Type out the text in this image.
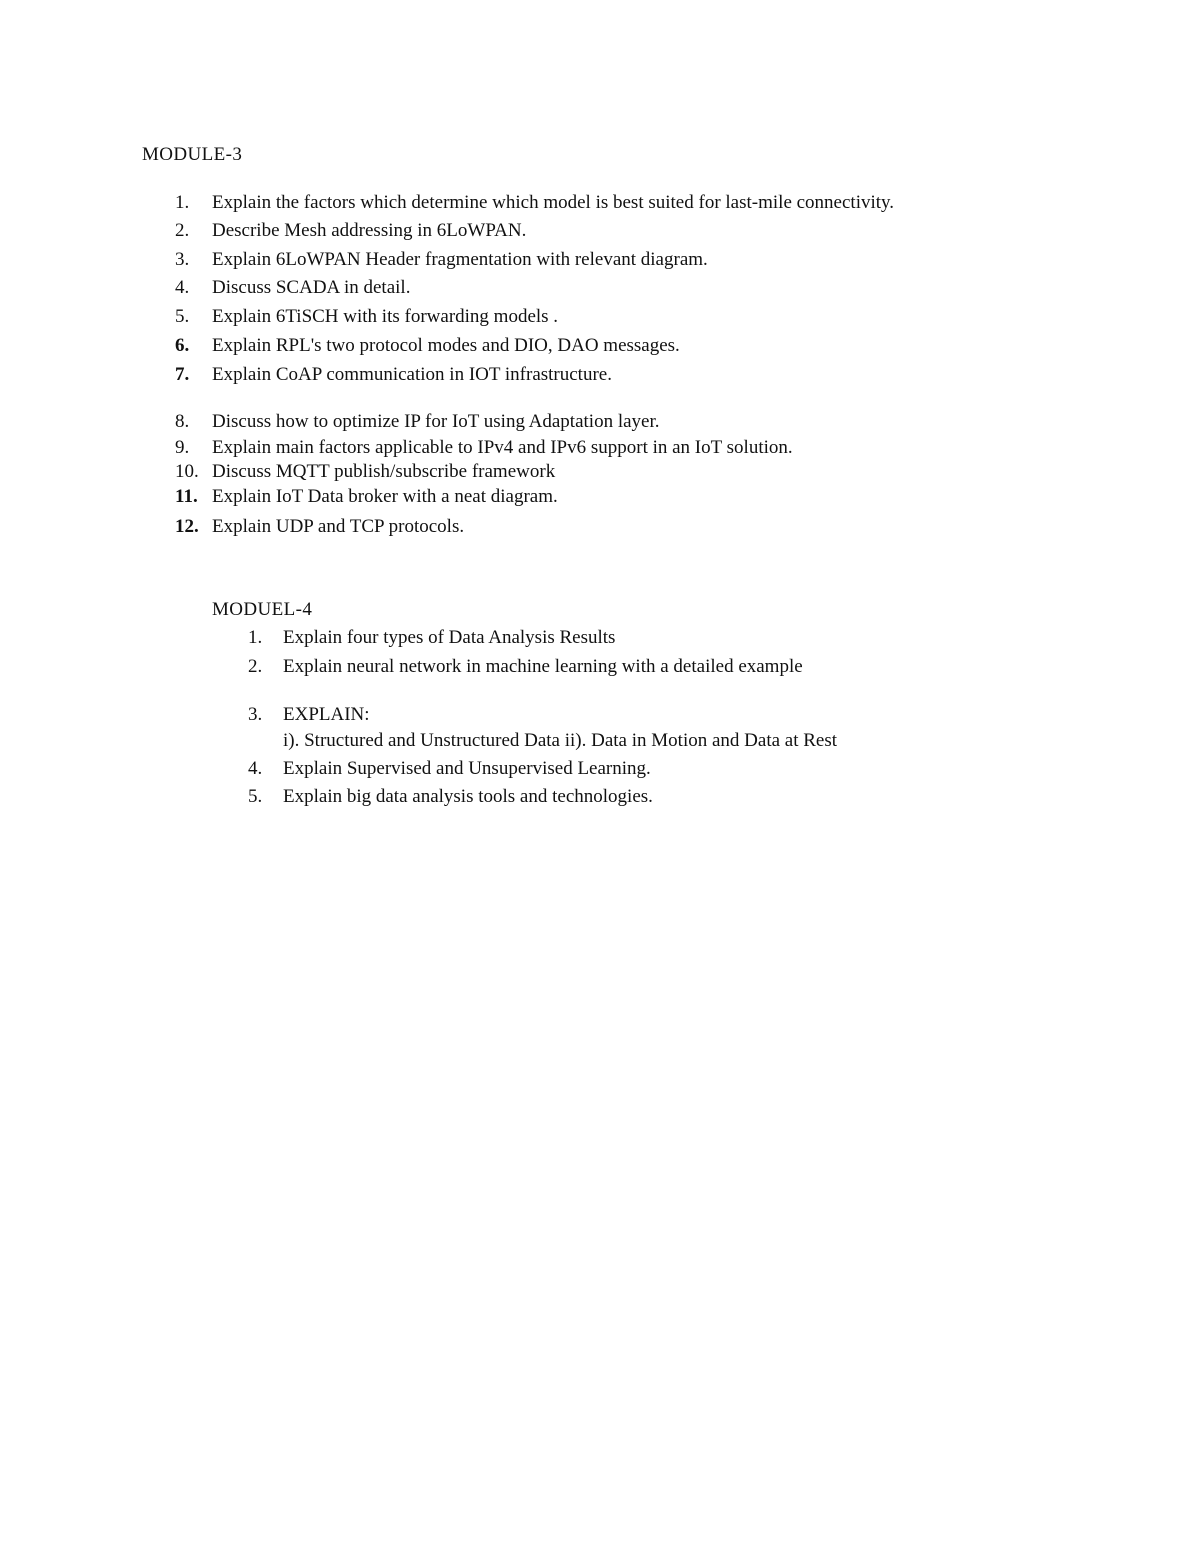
MODULE-3
1. Explain the factors which determine which model is best suited for last-mile connectivity.
2. Describe Mesh addressing in 6LoWPAN.
3. Explain 6LoWPAN Header fragmentation with relevant diagram.
4. Discuss SCADA in detail.
5. Explain 6TiSCH with its forwarding models .
6. Explain RPL's two protocol modes and DIO, DAO messages.
7. Explain CoAP communication in IOT infrastructure.
8. Discuss how to optimize IP for IoT using Adaptation layer.
9. Explain main factors applicable to IPv4 and IPv6 support in an IoT solution.
10. Discuss MQTT publish/subscribe framework
11. Explain IoT Data broker with a neat diagram.
12. Explain UDP and TCP protocols.
MODUEL-4
1. Explain four types of Data Analysis Results
2. Explain neural network in machine learning with a detailed example
3. EXPLAIN:
i). Structured and Unstructured Data ii). Data in Motion and Data at Rest
4. Explain Supervised and Unsupervised Learning.
5. Explain big data analysis tools and technologies.
